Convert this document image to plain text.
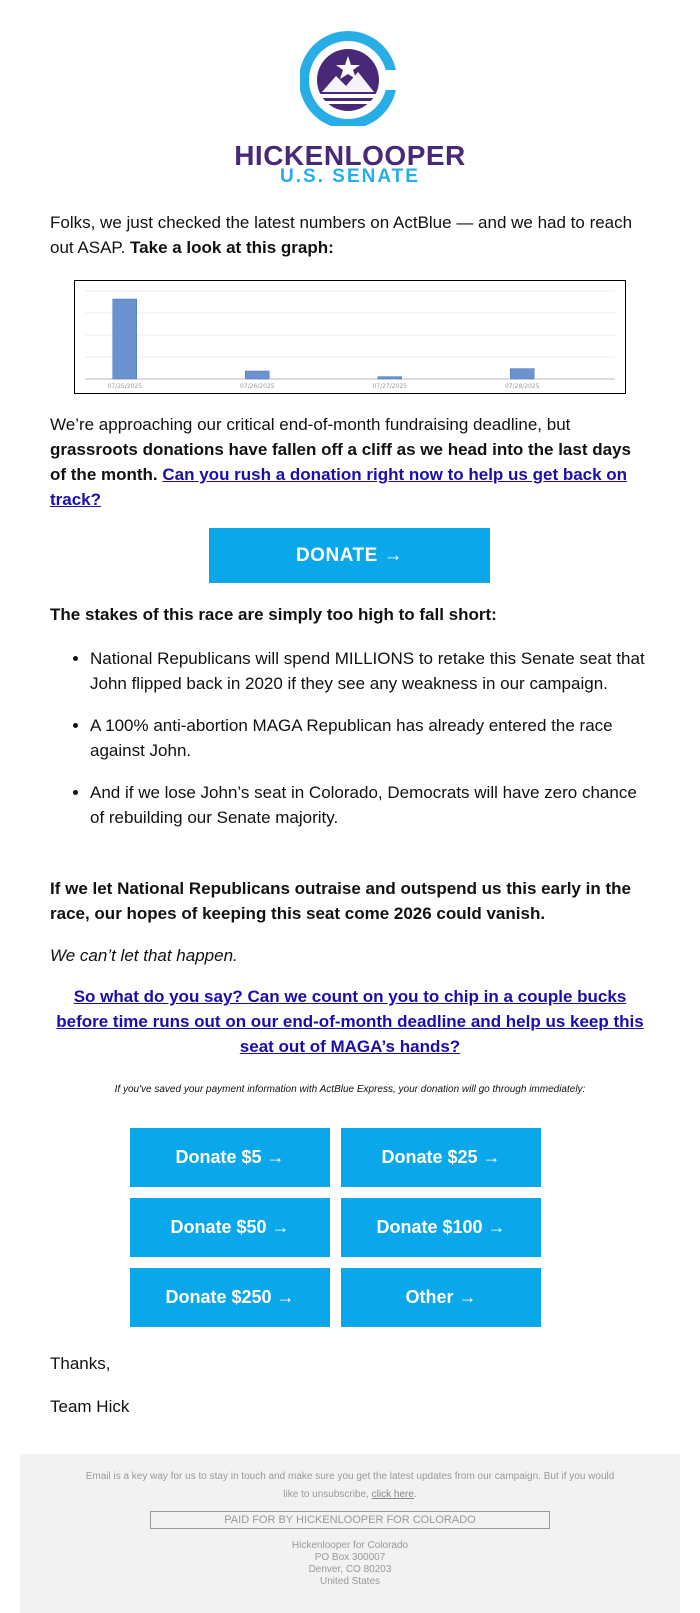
HICKENLOOPER
U.S. SENATE

Folks, we just checked the latest numbers on ActBlue — and we had to reach out ASAP. Take a look at this graph:

07/25/2025	07/26/2025	07/27/2025	07/28/2025

We’re approaching our critical end-of-month fundraising deadline, but grassroots donations have fallen off a cliff as we head into the last days of the month. Can you rush a donation right now to help us get back on track?

DONATE →

The stakes of this race are simply too high to fall short:

• National Republicans will spend MILLIONS to retake this Senate seat that John flipped back in 2020 if they see any weakness in our campaign.
• A 100% anti-abortion MAGA Republican has already entered the race against John.
• And if we lose John’s seat in Colorado, Democrats will have zero chance of rebuilding our Senate majority.

If we let National Republicans outraise and outspend us this early in the race, our hopes of keeping this seat come 2026 could vanish.

We can’t let that happen.

So what do you say? Can we count on you to chip in a couple bucks before time runs out on our end-of-month deadline and help us keep this seat out of MAGA’s hands?
If you've saved your payment information with ActBlue Express, your donation will go through immediately:
Donate $5 →	Donate $25 →
Donate $50 →	Donate $100 →
Donate $250 →	Other →

Thanks,

Team Hick

Email is a key way for us to stay in touch and make sure you get the latest updates from our campaign. But if you would like to unsubscribe, click here.
PAID FOR BY HICKENLOOPER FOR COLORADO
Hickenlooper for Colorado
PO Box 300007
Denver, CO 80203
United States
